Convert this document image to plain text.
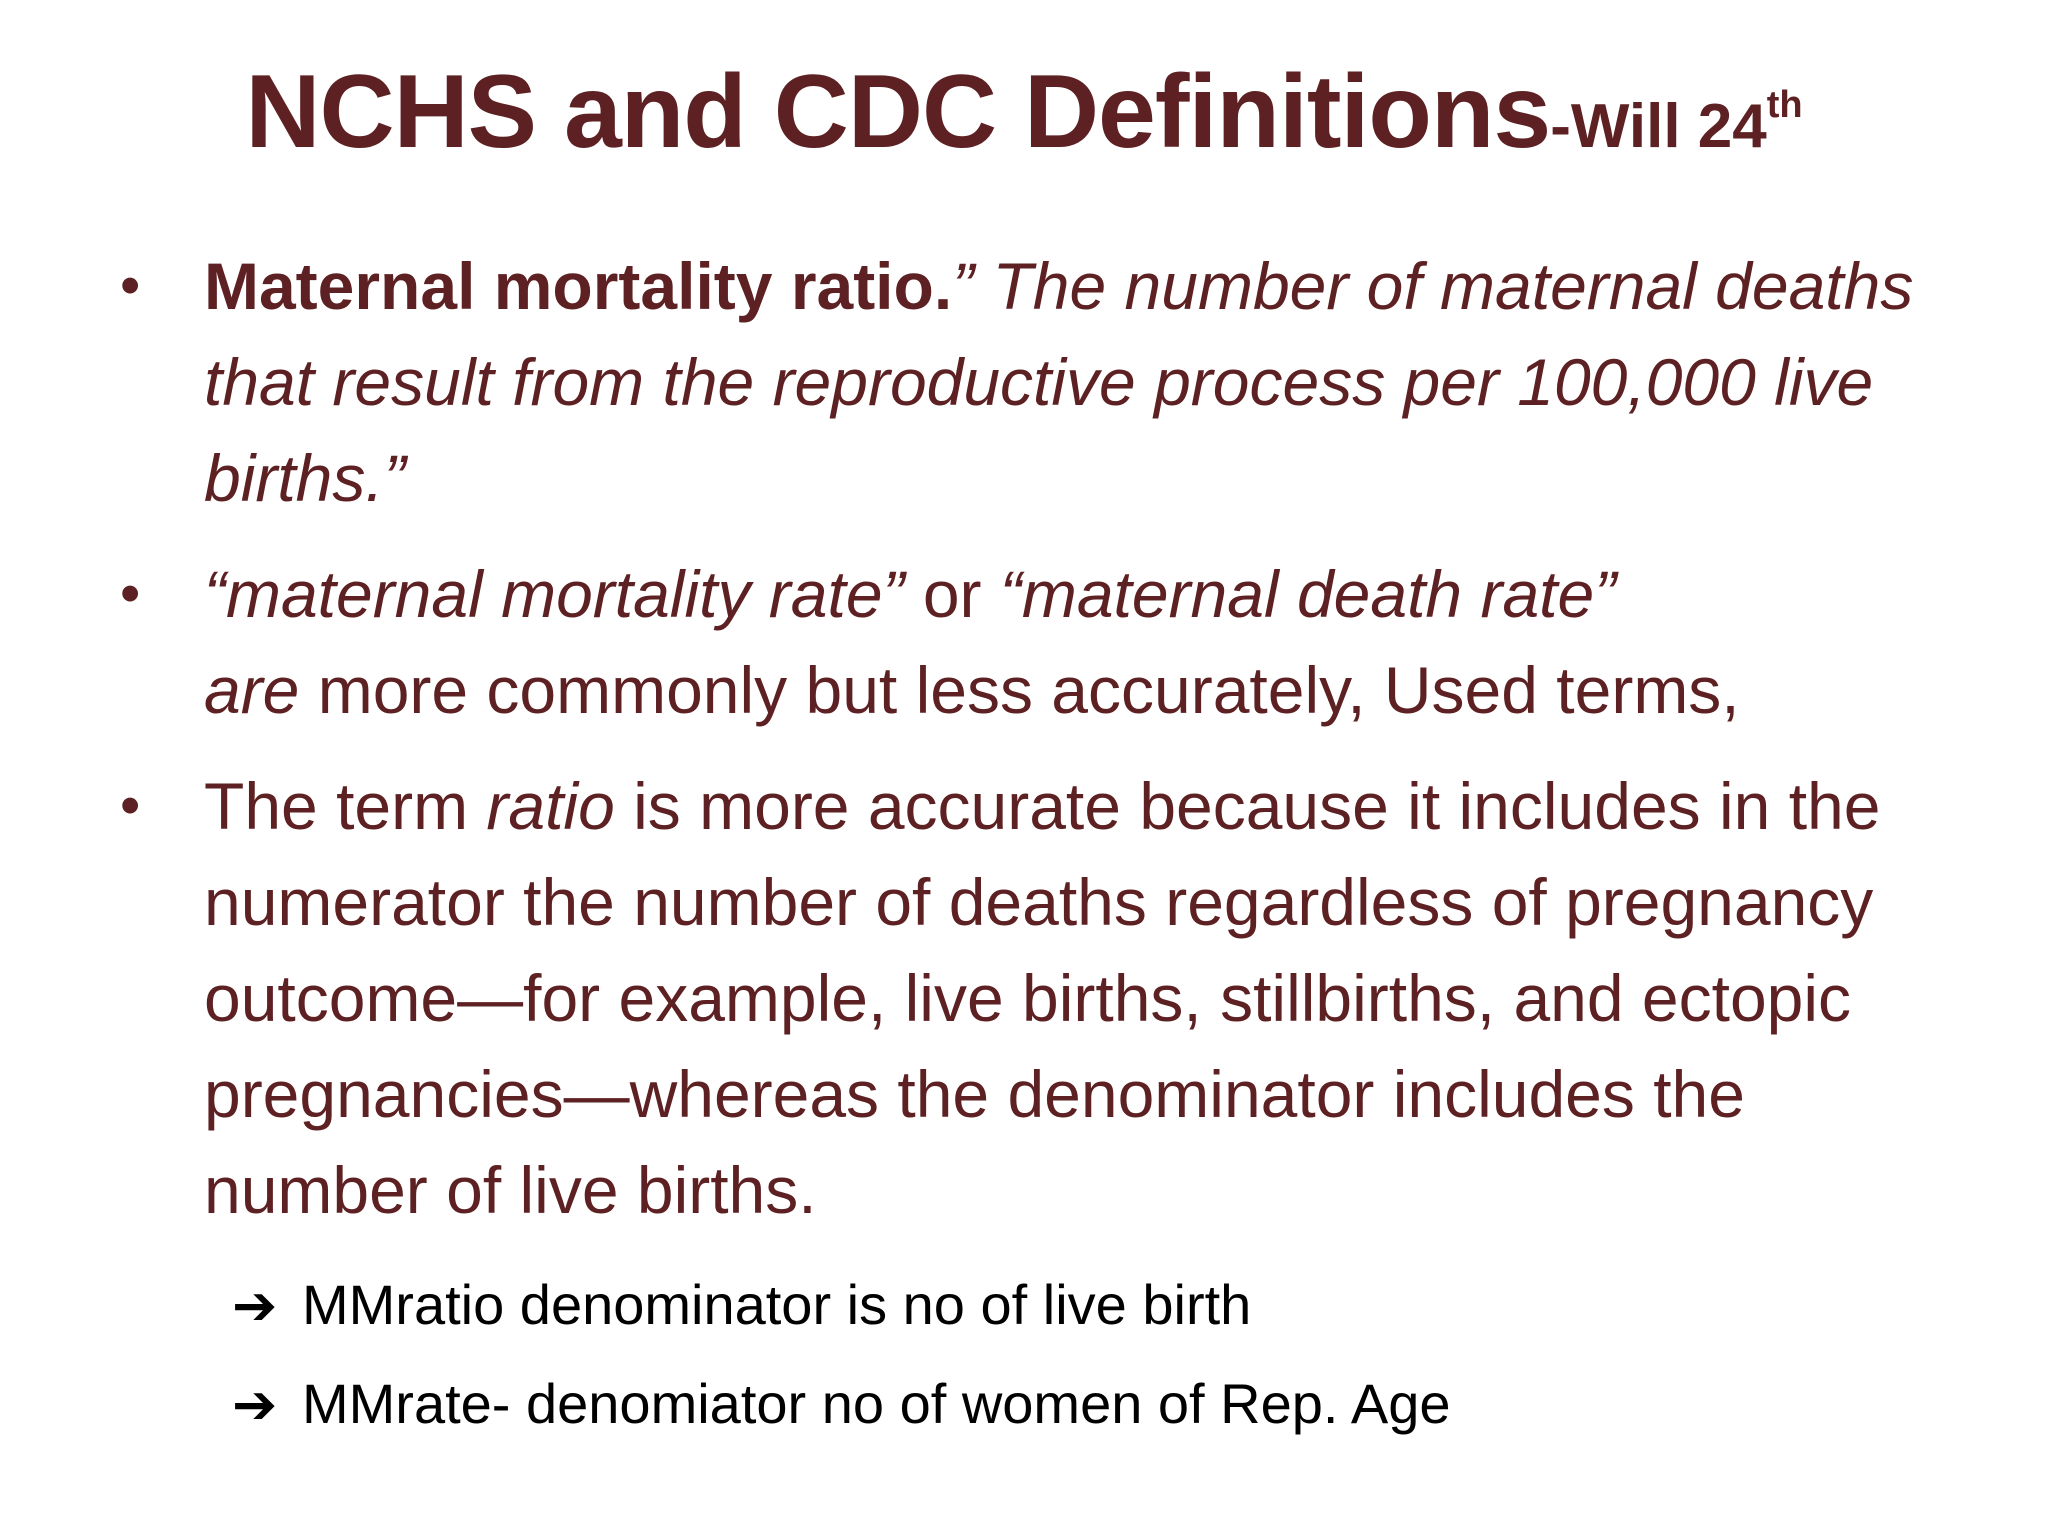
NCHS and CDC Definitions-Will 24th
• Maternal mortality ratio.” The number of maternal deaths that result from the reproductive process per 100,000 live births.”
• “maternal mortality rate” or “maternal death rate”
are more commonly but less accurately, Used terms,
• The term ratio is more accurate because it includes in the numerator the number of deaths regardless of pregnancy outcome—for example, live births, stillbirths, and ectopic pregnancies—whereas the denominator includes the number of live births.
➔ MMratio denominator is no of live birth
➔ MMrate- denomiator no of women of Rep. Age
